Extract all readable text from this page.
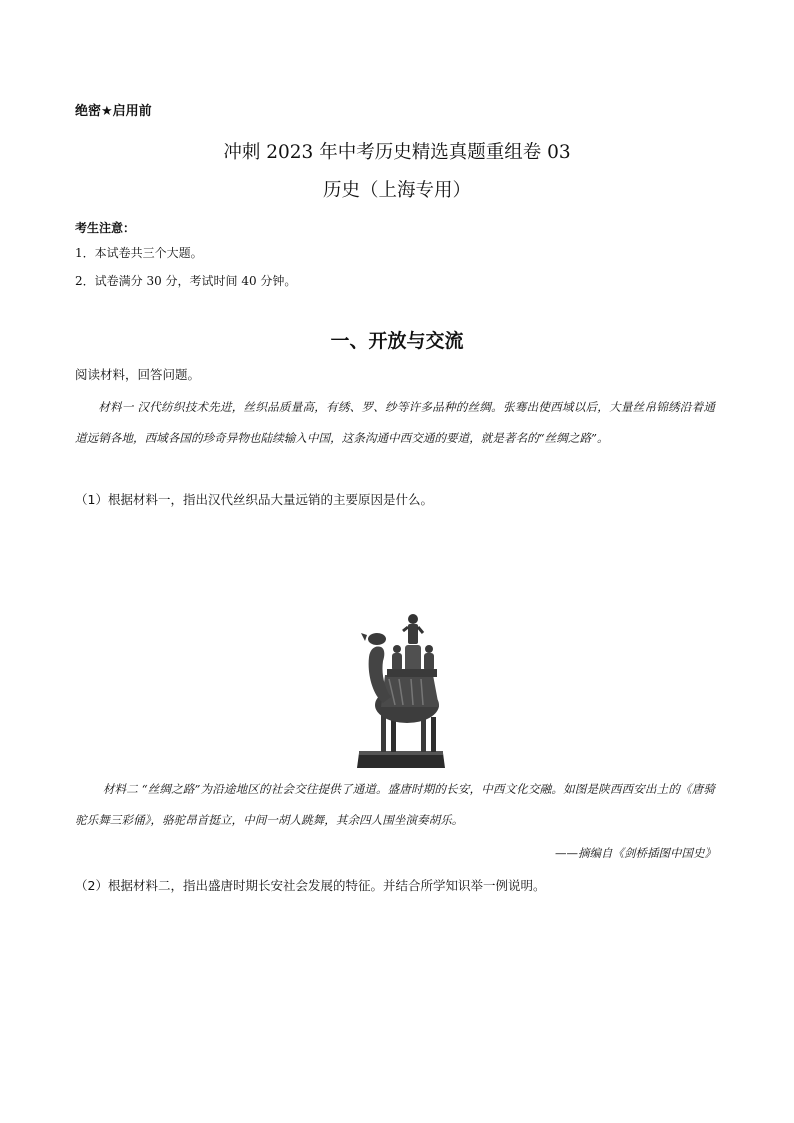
绝密★启用前
冲刺 2023 年中考历史精选真题重组卷 03
历史（上海专用）
考生注意：
1．本试卷共三个大题。
2．试卷满分 30 分，考试时间 40 分钟。
一、开放与交流
阅读材料，回答问题。
材料一 汉代纺织技术先进，丝织品质量高，有绣、罗、纱等许多品种的丝绸。张骞出使西域以后，大量丝帛锦绣沿着通道远销各地，西域各国的珍奇异物也陆续输入中国，这条沟通中西交通的要道，就是著名的“丝绸之路”。
（1）根据材料一，指出汉代丝织品大量远销的主要原因是什么。
材料二 “丝绸之路”为沿途地区的社会交往提供了通道。盛唐时期的长安，中西文化交融。如图是陕西西安出土的《唐骑驼乐舞三彩俑》，骆驼昂首挺立，中间一胡人跳舞，其余四人围坐演奏胡乐。
——摘编自《剑桥插图中国史》
（2）根据材料二，指出盛唐时期长安社会发展的特征。并结合所学知识举一例说明。
